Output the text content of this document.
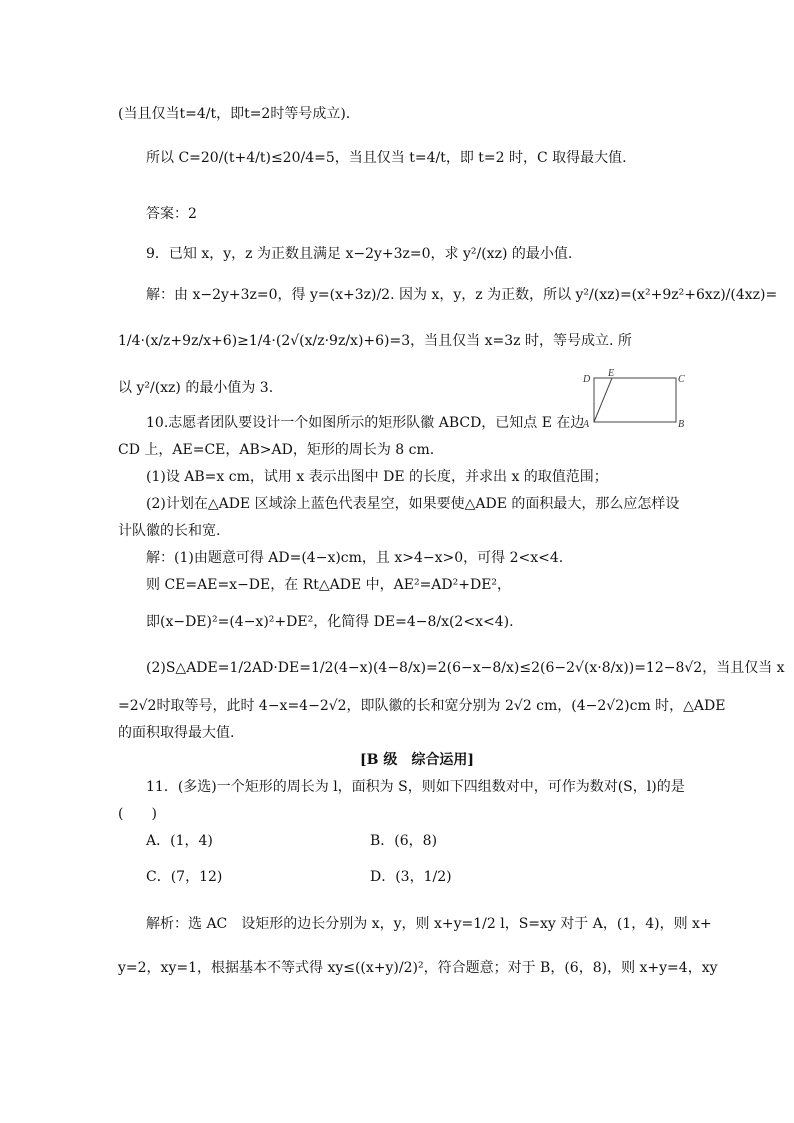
(当且仅当t=4/t，即t=2时等号成立).
所以 C=20/(t+4/t)≤20/4=5，当且仅当 t=4/t，即 t=2 时，C 取得最大值.
答案：2
9．已知 x，y，z 为正数且满足 x−2y+3z=0，求 y²/(xz) 的最小值.
解：由 x−2y+3z=0，得 y=(x+3z)/2. 因为 x，y，z 为正数，所以 y²/(xz)=(x²+9z²+6xz)/(4xz)=
1/4·(x/z+9z/x+6)≥1/4·(2√(x/z·9z/x)+6)=3，当且仅当 x=3z 时，等号成立. 所
以 y²/(xz) 的最小值为 3.
D
E
C
A	B
10.志愿者团队要设计一个如图所示的矩形队徽 ABCD，已知点 E 在边
CD 上，AE=CE，AB>AD，矩形的周长为 8 cm.
(1)设 AB=x cm，试用 x 表示出图中 DE 的长度，并求出 x 的取值范围；
(2)计划在△ADE 区域涂上蓝色代表星空，如果要使△ADE 的面积最大，那么应怎样设
计队徽的长和宽.
解：(1)由题意可得 AD=(4−x)cm，且 x>4−x>0，可得 2<x<4.
则 CE=AE=x−DE，在 Rt△ADE 中，AE²=AD²+DE²，
即(x−DE)²=(4−x)²+DE²，化简得 DE=4−8/x(2<x<4).
(2)S△ADE=1/2AD·DE=1/2(4−x)(4−8/x)=2(6−x−8/x)≤2(6−2√(x·8/x))=12−8√2，当且仅当 x
=2√2时取等号，此时 4−x=4−2√2，即队徽的长和宽分别为 2√2 cm，(4−2√2)cm 时，△ADE
的面积取得最大值.
[B 级　综合运用]
11．(多选)一个矩形的周长为 l，面积为 S，则如下四组数对中，可作为数对(S，l)的是
(　　)
A．(1，4)	B．(6，8)
C．(7，12)	D．(3，1/2)
解析：选 AC　设矩形的边长分别为 x，y，则 x+y=1/2 l，S=xy 对于 A，(1，4)，则 x+
y=2，xy=1，根据基本不等式得 xy≤((x+y)/2)²，符合题意；对于 B，(6，8)，则 x+y=4，xy
